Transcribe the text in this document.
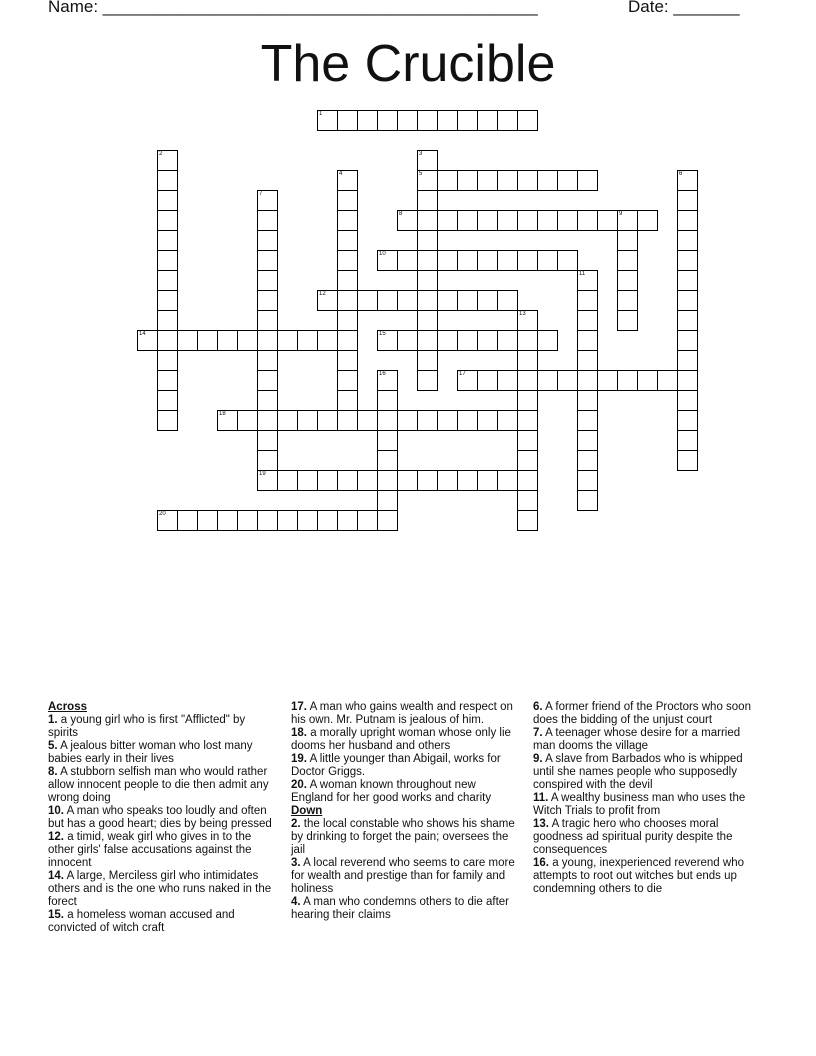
Name: ______________________________________________	Date: _______
The Crucible
1
5
8	9
10
12
14	15
17
18
19
20
2	3
4	6
7
11
13
16

Across

1. a young girl who is first "Afflicted" by spirits

5. A jealous bitter woman who lost many babies early in their lives

8. A stubborn selfish man who would rather allow innocent people to die then admit any wrong doing

10. A man who speaks too loudly and often but has a good heart; dies by being pressed

12. a timid, weak girl who gives in to the other girls' false accusations against the innocent

14. A large, Merciless girl who intimidates others and is the one who runs naked in the forect

15. a homeless woman accused and convicted of witch craft

17. A man who gains wealth and respect on his own. Mr. Putnam is jealous of him.

18. a morally upright woman whose only lie dooms her husband and others

19. A little younger than Abigail, works for Doctor Griggs.

20. A woman known throughout new England for her good works and charity

Down

2. the local constable who shows his shame by drinking to forget the pain; oversees the jail

3. A local reverend who seems to care more for wealth and prestige than for family and holiness

4. A man who condemns others to die after hearing their claims

6. A former friend of the Proctors who soon does the bidding of the unjust court

7. A teenager whose desire for a married man dooms the village

9. A slave from Barbados who is whipped until she names people who supposedly conspired with the devil

11. A wealthy business man who uses the Witch Trials to profit from

13. A tragic hero who chooses moral goodness ad spiritual purity despite the consequences

16. a young, inexperienced reverend who attempts to root out witches but ends up condemning others to die
